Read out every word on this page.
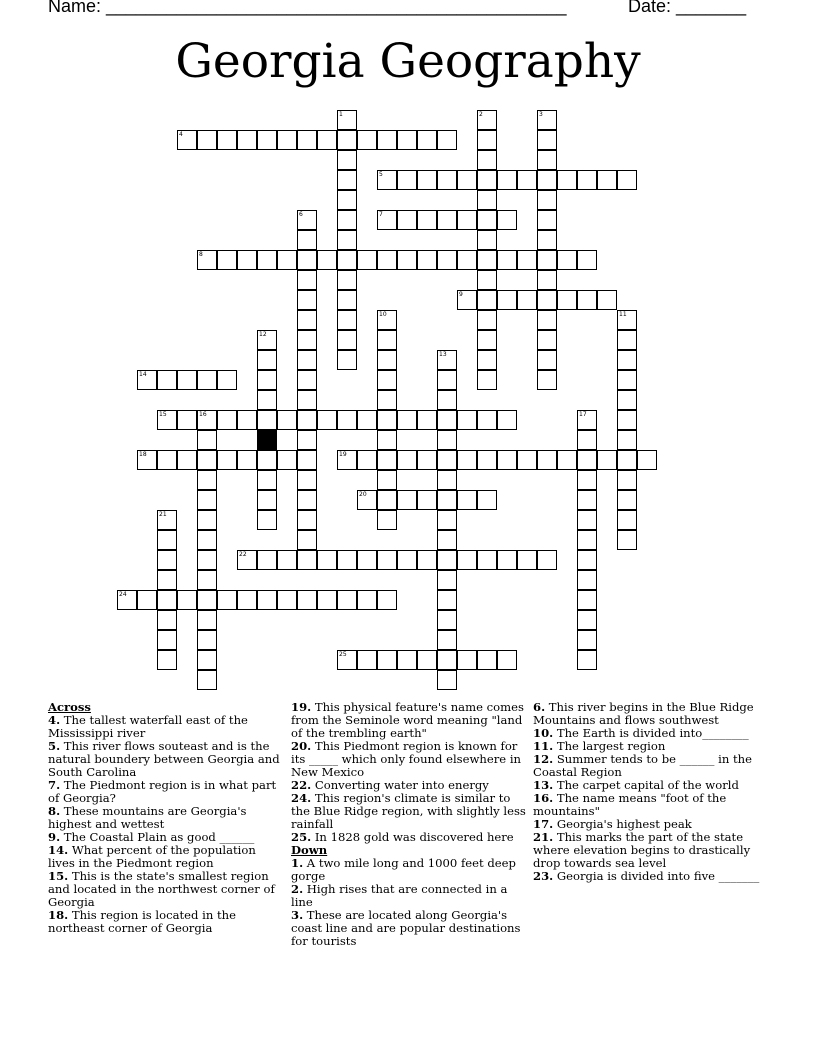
Name: ______________________________________________	Date: _______
Georgia Geography
4
5
7
8
9
14
15	16
18	19
20
22
24
25
1	2	3
6
10	11
12
13
17
21
Across
4. The tallest waterfall east of the Mississippi river
5. This river flows souteast and is the natural boundery between Georgia and South Carolina
7. The Piedmont region is in what part of Georgia?
8. These mountains are Georgia's highest and wettest
9. The Coastal Plain as good ______
14. What percent of the population lives in the Piedmont region
15. This is the state's smallest region and located in the northwest corner of Georgia
18. This region is located in the northeast corner of Georgia
19. This physical feature's name comes from the Seminole word meaning "land of the trembling earth"
20. This Piedmont region is known for its _____ which only found elsewhere in New Mexico
22. Converting water into energy
24. This region's climate is similar to the Blue Ridge region, with slightly less rainfall
25. In 1828 gold was discovered here
Down
1. A two mile long and 1000 feet deep gorge
2. High rises that are connected in a line
3. These are located along Georgia's coast line and are popular destinations for tourists
6. This river begins in the Blue Ridge Mountains and flows southwest
10. The Earth is divided into________
11. The largest region
12. Summer tends to be ______ in the Coastal Region
13. The carpet capital of the world
16. The name means "foot of the mountains"
17. Georgia's highest peak
21. This marks the part of the state where elevation begins to drastically drop towards sea level
23. Georgia is divided into five _______
